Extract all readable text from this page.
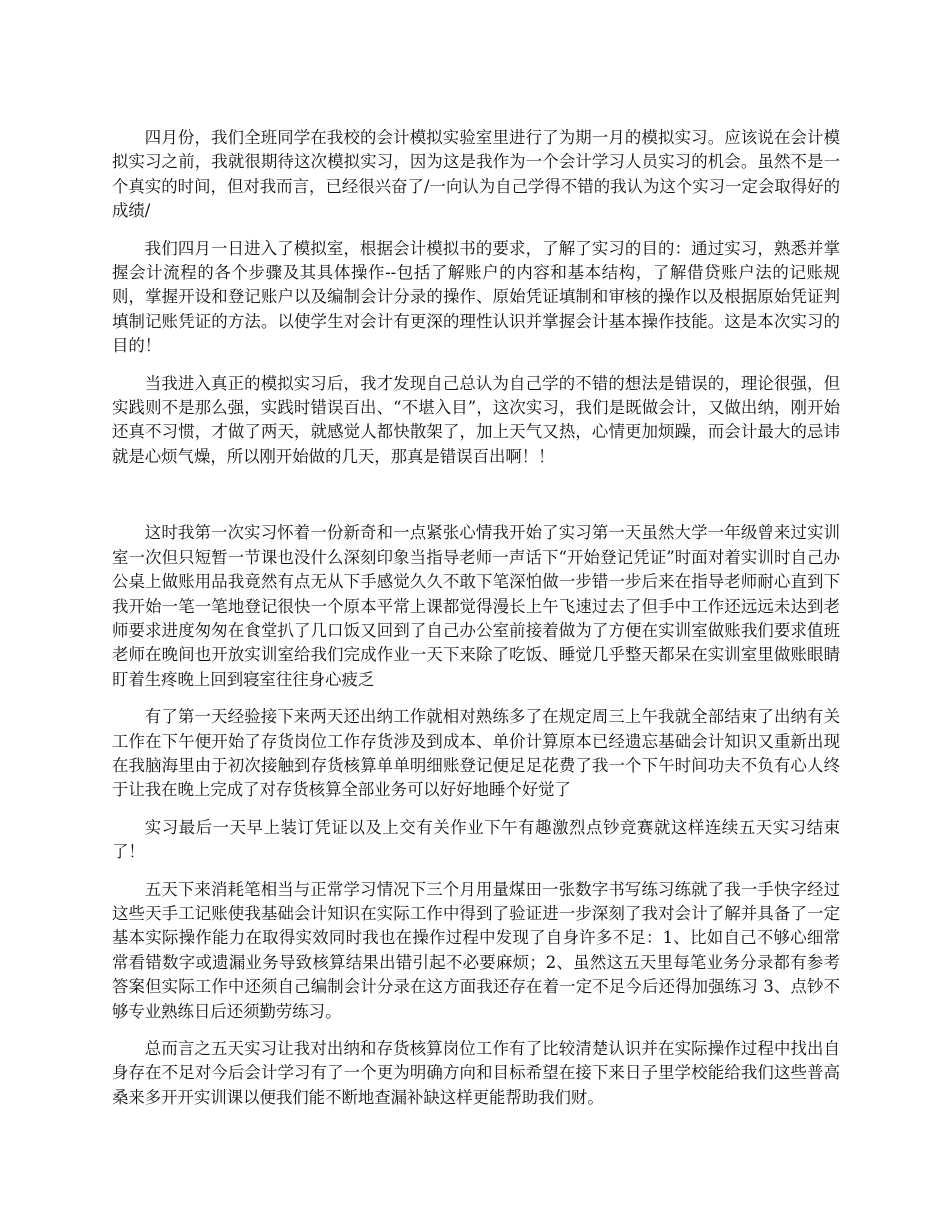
四月份，我们全班同学在我校的会计模拟实验室里进行了为期一月的模拟实习。应该说在会计模拟实习之前，我就很期待这次模拟实习，因为这是我作为一个会计学习人员实习的机会。虽然不是一个真实的时间，但对我而言，已经很兴奋了/一向认为自己学得不错的我认为这个实习一定会取得好的成绩/

我们四月一日进入了模拟室，根据会计模拟书的要求，了解了实习的目的：通过实习，熟悉并掌握会计流程的各个步骤及其具体操作--包括了解账户的内容和基本结构，了解借贷账户法的记账规则，掌握开设和登记账户以及编制会计分录的操作、原始凭证填制和审核的操作以及根据原始凭证判填制记账凭证的方法。以使学生对会计有更深的理性认识并掌握会计基本操作技能。这是本次实习的目的！

当我进入真正的模拟实习后，我才发现自己总认为自己学的不错的想法是错误的，理论很强，但实践则不是那么强，实践时错误百出、“不堪入目”，这次实习，我们是既做会计，又做出纳，刚开始还真不习惯，才做了两天，就感觉人都快散架了，加上天气又热，心情更加烦躁，而会计最大的忌讳就是心烦气燥，所以刚开始做的几天，那真是错误百出啊！！

这时我第一次实习怀着一份新奇和一点紧张心情我开始了实习第一天虽然大学一年级曾来过实训室一次但只短暂一节课也没什么深刻印象当指导老师一声话下“开始登记凭证”时面对着实训时自己办公桌上做账用品我竟然有点无从下手感觉久久不敢下笔深怕做一步错一步后来在指导老师耐心直到下我开始一笔一笔地登记很快一个原本平常上课都觉得漫长上午飞速过去了但手中工作还远远未达到老师要求进度匆匆在食堂扒了几口饭又回到了自己办公室前接着做为了方便在实训室做账我们要求值班老师在晚间也开放实训室给我们完成作业一天下来除了吃饭、睡觉几乎整天都呆在实训室里做账眼睛盯着生疼晚上回到寝室往往身心疲乏

有了第一天经验接下来两天还出纳工作就相对熟练多了在规定周三上午我就全部结束了出纳有关工作在下午便开始了存货岗位工作存货涉及到成本、单价计算原本已经遗忘基础会计知识又重新出现在我脑海里由于初次接触到存货核算单单明细账登记便足足花费了我一个下午时间功夫不负有心人终于让我在晚上完成了对存货核算全部业务可以好好地睡个好觉了

实习最后一天早上装订凭证以及上交有关作业下午有趣激烈点钞竞赛就这样连续五天实习结束了！

五天下来消耗笔相当与正常学习情况下三个月用量煤田一张数字书写练习练就了我一手快字经过这些天手工记账使我基础会计知识在实际工作中得到了验证进一步深刻了我对会计了解并具备了一定基本实际操作能力在取得实效同时我也在操作过程中发现了自身许多不足：1、比如自己不够心细常常看错数字或遗漏业务导致核算结果出错引起不必要麻烦；2、虽然这五天里每笔业务分录都有参考答案但实际工作中还须自己编制会计分录在这方面我还存在着一定不足今后还得加强练习 3、点钞不够专业熟练日后还须勤劳练习。

总而言之五天实习让我对出纳和存货核算岗位工作有了比较清楚认识并在实际操作过程中找出自身存在不足对今后会计学习有了一个更为明确方向和目标希望在接下来日子里学校能给我们这些普高桑来多开开实训课以便我们能不断地查漏补缺这样更能帮助我们财。
